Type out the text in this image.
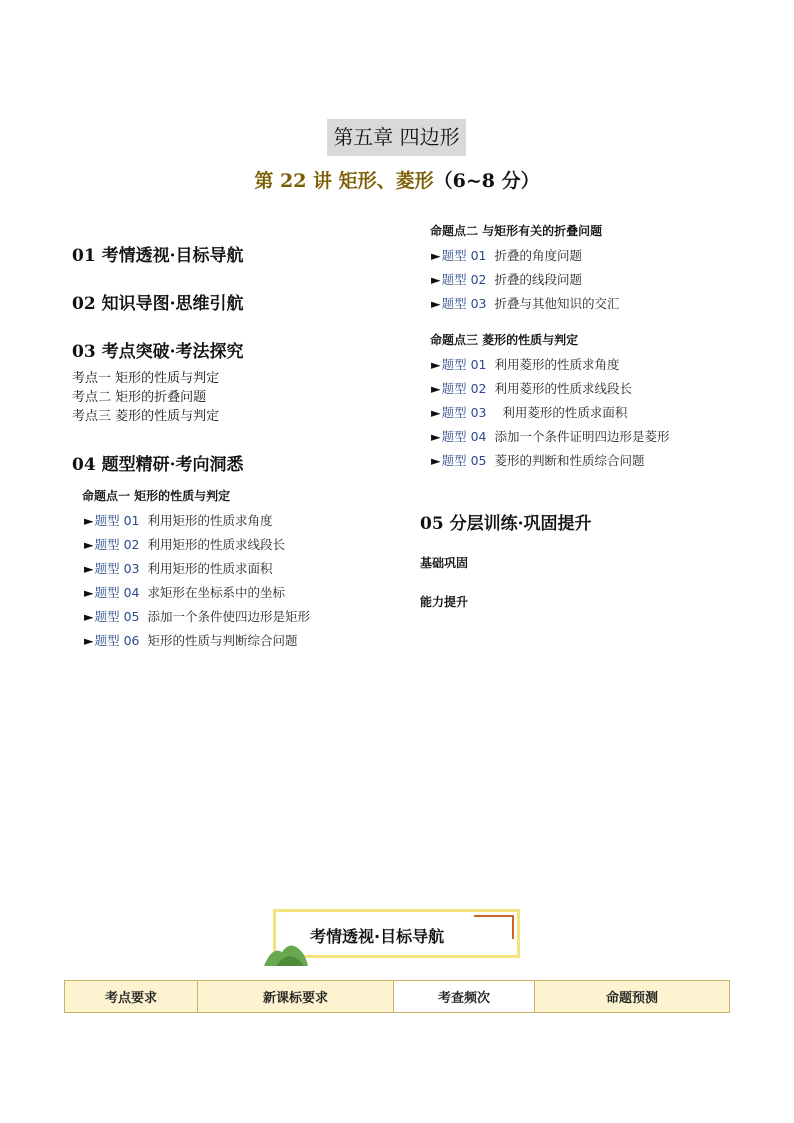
第五章 四边形
第 22 讲 矩形、菱形（6~8 分）
01 考情透视·目标导航
02 知识导图·思维引航
03 考点突破·考法探究
考点一 矩形的性质与判定
考点二 矩形的折叠问题
考点三 菱形的性质与判定
04 题型精研·考向洞悉
命题点一 矩形的性质与判定
►题型 01 利用矩形的性质求角度
►题型 02 利用矩形的性质求线段长
►题型 03 利用矩形的性质求面积
►题型 04 求矩形在坐标系中的坐标
►题型 05 添加一个条件使四边形是矩形
►题型 06 矩形的性质与判断综合问题
命题点二 与矩形有关的折叠问题
►题型 01 折叠的角度问题
►题型 02 折叠的线段问题
►题型 03 折叠与其他知识的交汇
命题点三 菱形的性质与判定
►题型 01 利用菱形的性质求角度
►题型 02 利用菱形的性质求线段长
►题型 03    利用菱形的性质求面积
►题型 04 添加一个条件证明四边形是菱形
►题型 05 菱形的判断和性质综合问题
05 分层训练·巩固提升
基础巩固
能力提升
考情透视·目标导航
考点要求	新课标要求	考查频次	命题预测
